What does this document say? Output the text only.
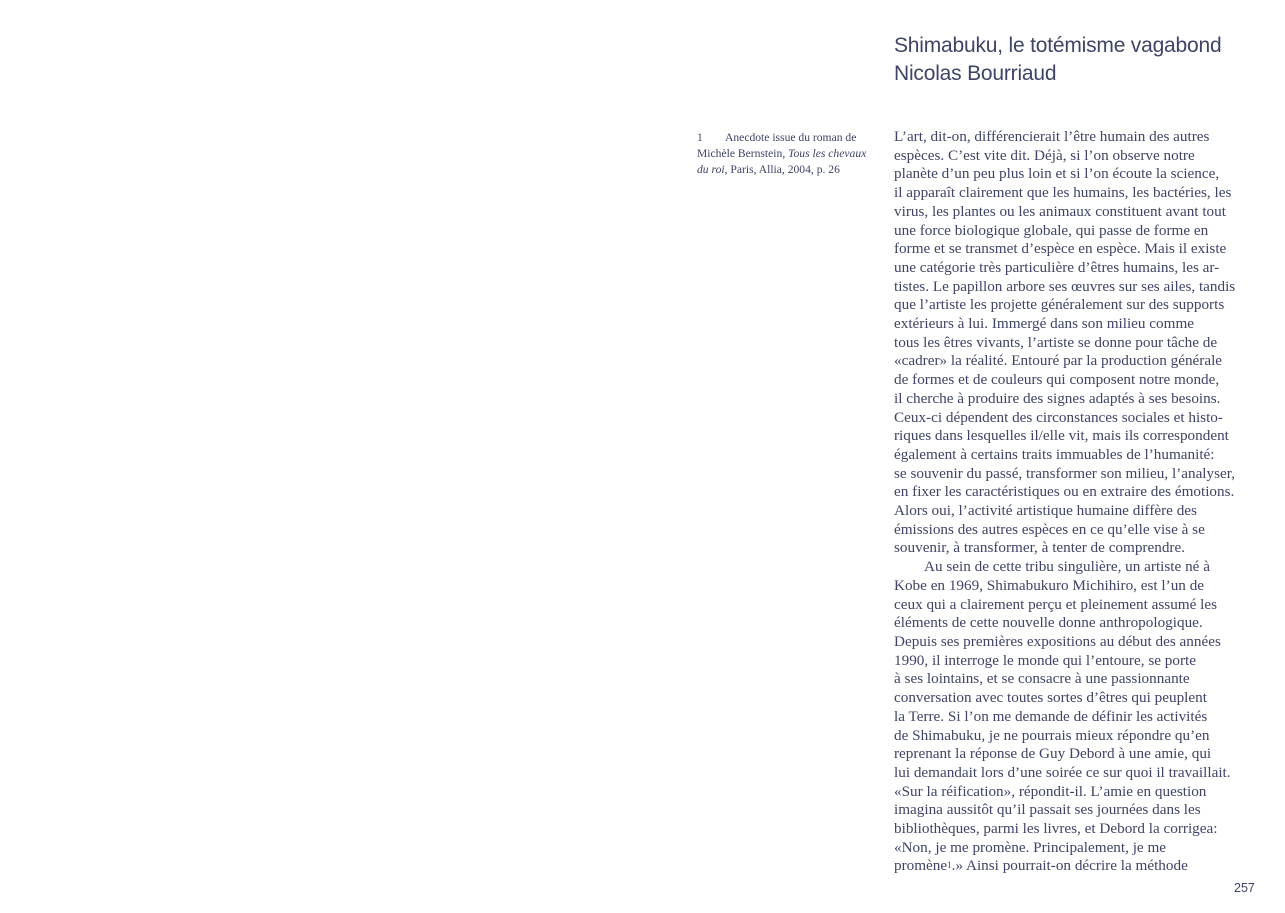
Shimabuku, le totémisme vagabond
Nicolas Bourriaud
1 Anecdote issue du roman de
Michèle Bernstein, Tous les chevaux
du roi, Paris, Allia, 2004, p. 26
L’art, dit-on, différencierait l’être humain des autres
espèces. C’est vite dit. Déjà, si l’on observe notre
planète d’un peu plus loin et si l’on écoute la science,
il apparaît clairement que les humains, les bactéries, les
virus, les plantes ou les animaux constituent avant tout
une force biologique globale, qui passe de forme en
forme et se transmet d’espèce en espèce. Mais il existe
une catégorie très particulière d’êtres humains, les ar-
tistes. Le papillon arbore ses œuvres sur ses ailes, tandis
que l’artiste les projette généralement sur des supports
extérieurs à lui. Immergé dans son milieu comme
tous les êtres vivants, l’artiste se donne pour tâche de
«cadrer» la réalité. Entouré par la production générale
de formes et de couleurs qui composent notre monde,
il cherche à produire des signes adaptés à ses besoins.
Ceux-ci dépendent des circonstances sociales et histo-
riques dans lesquelles il/elle vit, mais ils correspondent
également à certains traits immuables de l’humanité:
se souvenir du passé, transformer son milieu, l’analyser,
en fixer les caractéristiques ou en extraire des émotions.
Alors oui, l’activité artistique humaine diffère des
émissions des autres espèces en ce qu’elle vise à se
souvenir, à transformer, à tenter de comprendre.
Au sein de cette tribu singulière, un artiste né à
Kobe en 1969, Shimabukuro Michihiro, est l’un de
ceux qui a clairement perçu et pleinement assumé les
éléments de cette nouvelle donne anthropologique.
Depuis ses premières expositions au début des années
1990, il interroge le monde qui l’entoure, se porte
à ses lointains, et se consacre à une passionnante
conversation avec toutes sortes d’êtres qui peuplent
la Terre. Si l’on me demande de définir les activités
de Shimabuku, je ne pourrais mieux répondre qu’en
reprenant la réponse de Guy Debord à une amie, qui
lui demandait lors d’une soirée ce sur quoi il travaillait.
«Sur la réification», répondit-il. L’amie en question
imagina aussitôt qu’il passait ses journées dans les
bibliothèques, parmi les livres, et Debord la corrigea:
«Non, je me promène. Principalement, je me
promène$^1$.» Ainsi pourrait-on décrire la méthode
257
